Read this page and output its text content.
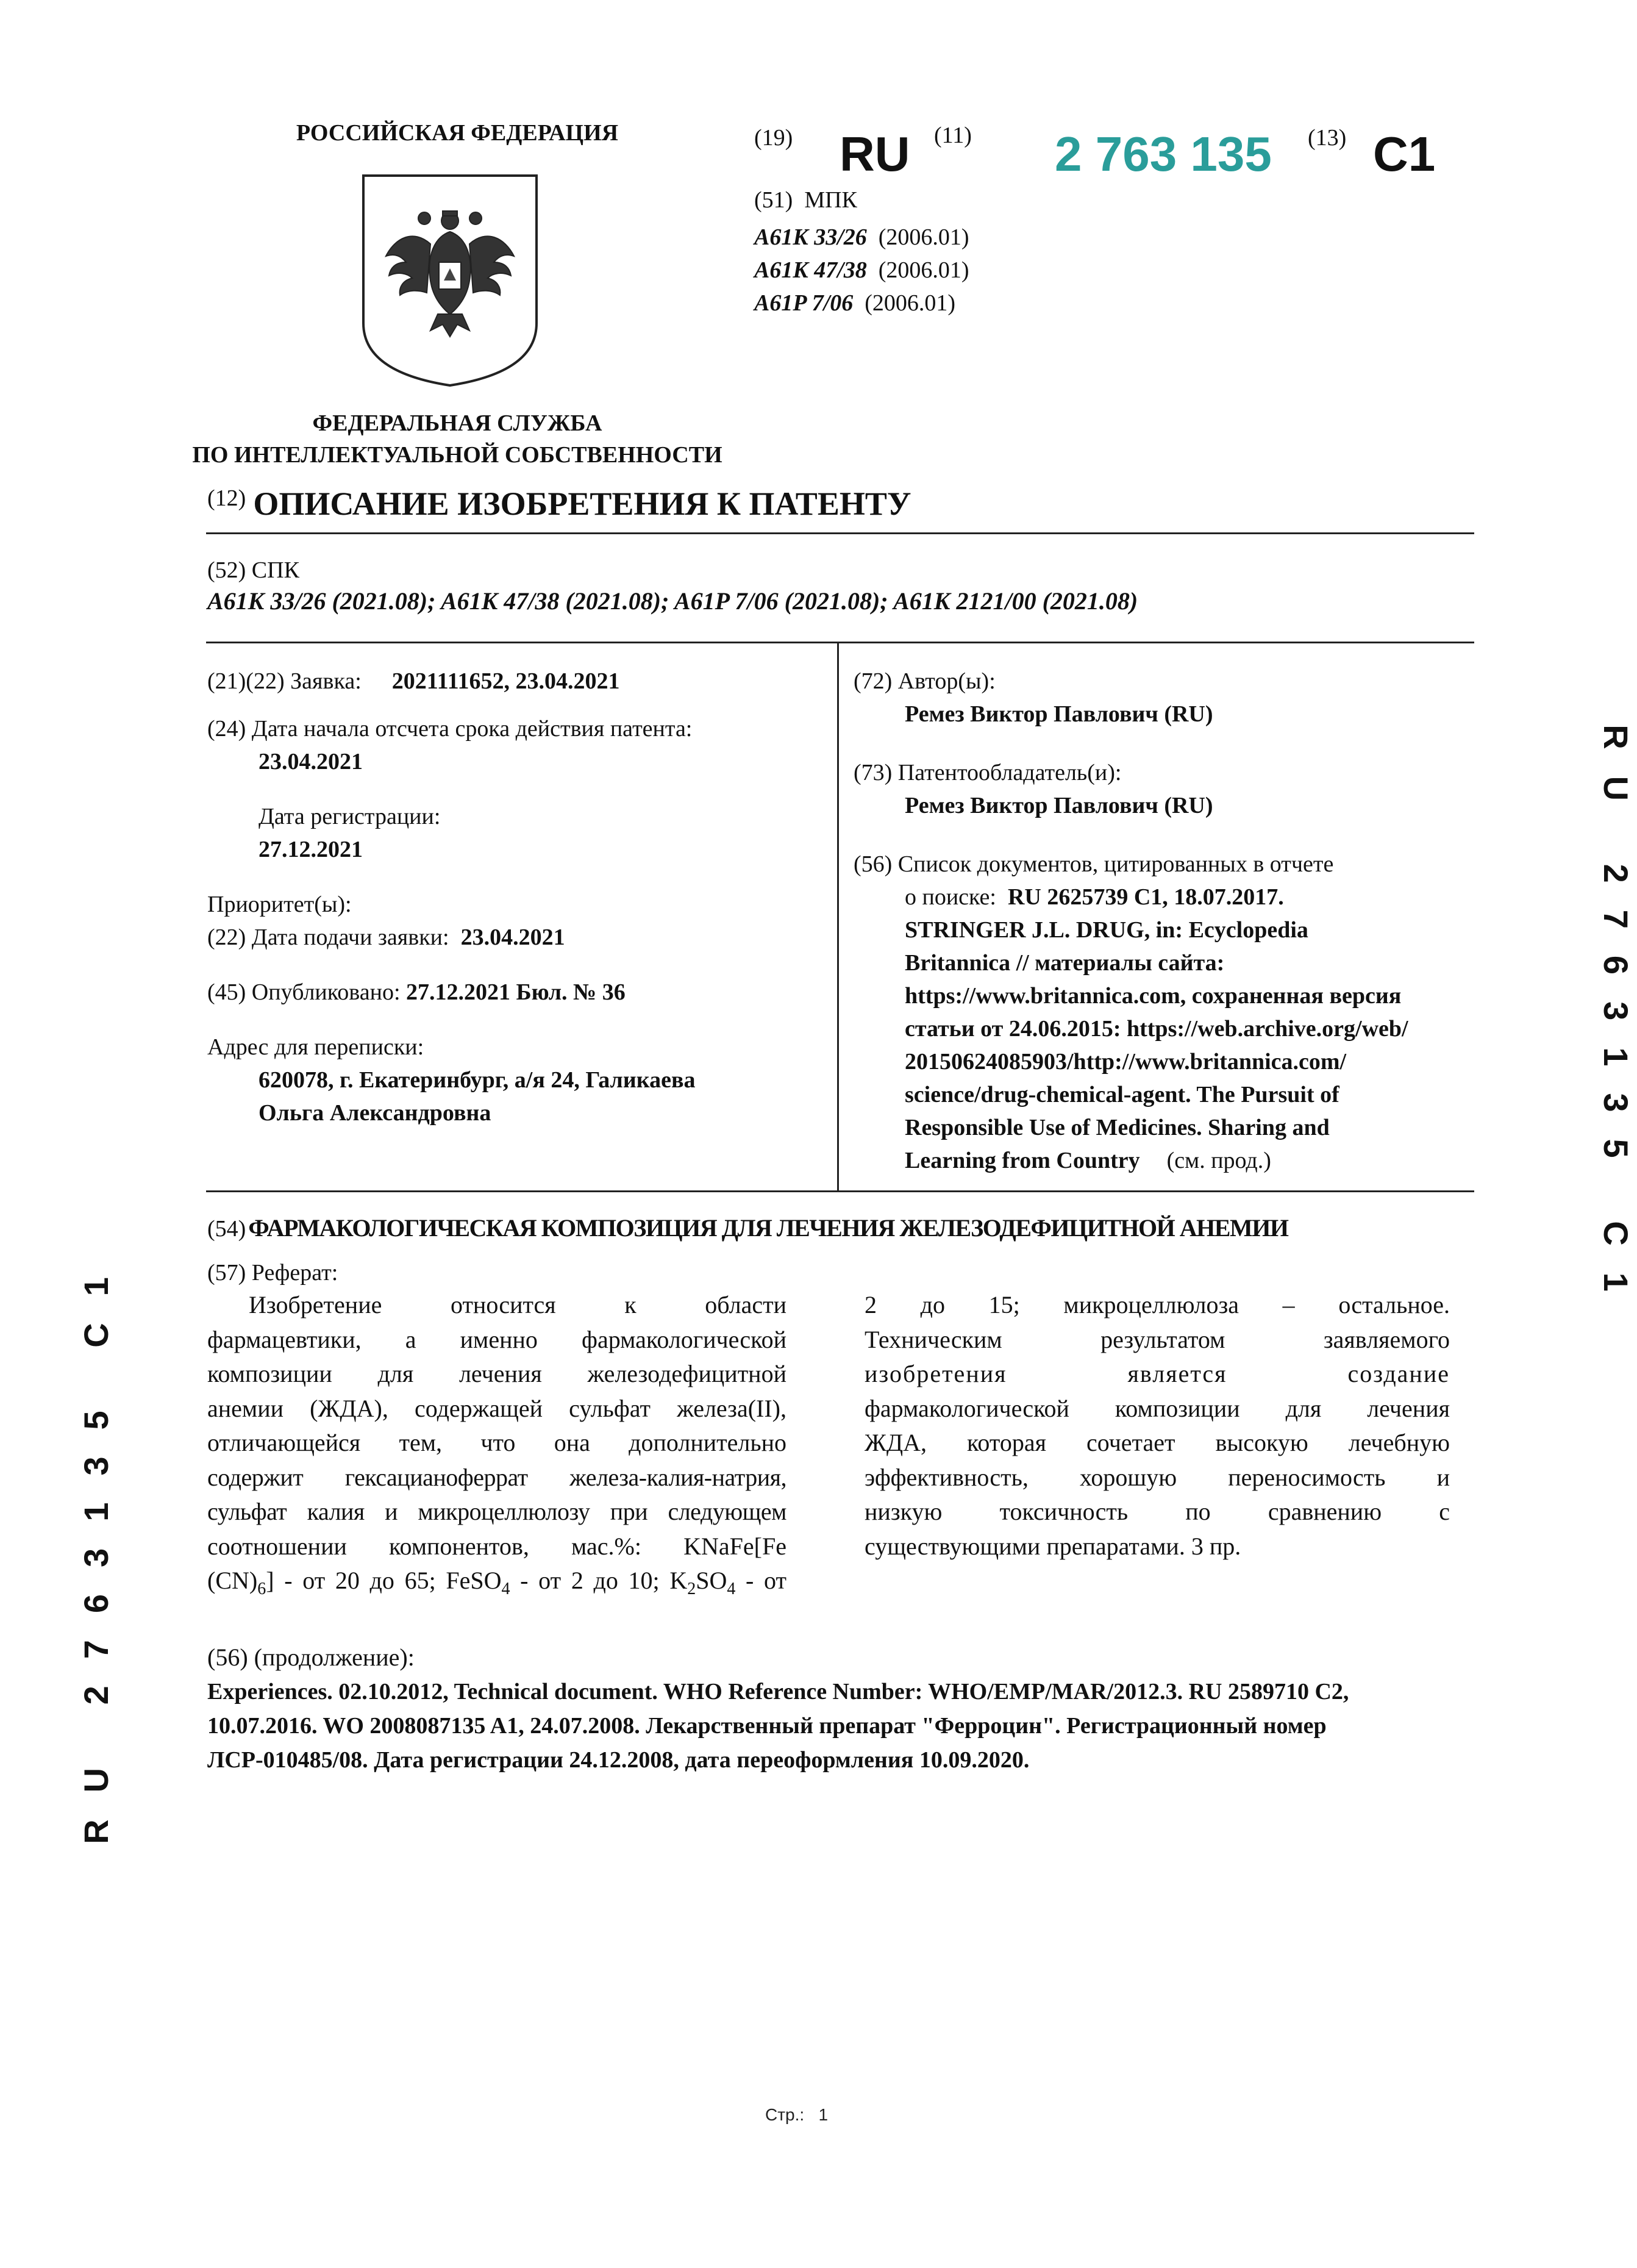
РОССИЙСКАЯ ФЕДЕРАЦИЯ
ФЕДЕРАЛЬНАЯ СЛУЖБА
ПО ИНТЕЛЛЕКТУАЛЬНОЙ СОБСТВЕННОСТИ
(19) RU (11) 2 763 135 (13) C1
(51) МПК
A61K 33/26 (2006.01)
A61K 47/38 (2006.01)
A61P 7/06 (2006.01)
(12) ОПИСАНИЕ ИЗОБРЕТЕНИЯ К ПАТЕНТУ
(52) СПК
A61K 33/26 (2021.08); A61K 47/38 (2021.08); A61P 7/06 (2021.08); A61K 2121/00 (2021.08)
(21)(22) Заявка: 2021111652, 23.04.2021
(24) Дата начала отсчета срока действия патента:
23.04.2021
Дата регистрации:
27.12.2021
Приоритет(ы):
(22) Дата подачи заявки: 23.04.2021
(45) Опубликовано: 27.12.2021 Бюл. № 36
Адрес для переписки:
620078, г. Екатеринбург, а/я 24, Галикаева
Ольга Александровна
(72) Автор(ы):
Ремез Виктор Павлович (RU)
(73) Патентообладатель(и):
Ремез Виктор Павлович (RU)
(56) Список документов, цитированных в отчете
о поиске: RU 2625739 C1, 18.07.2017.
STRINGER J.L. DRUG, in: Ecyclopedia
Britannica // материалы сайта:
https://www.britannica.com, сохраненная версия
статьи от 24.06.2015: https://web.archive.org/web/
20150624085903/http://www.britannica.com/
science/drug-chemical-agent. The Pursuit of
Responsible Use of Medicines. Sharing and
Learning from Country (см. прод.)
(54) ФАРМАКОЛОГИЧЕСКАЯ КОМПОЗИЦИЯ ДЛЯ ЛЕЧЕНИЯ ЖЕЛЕЗОДЕФИЦИТНОЙ АНЕМИИ
(57) Реферат:
Изобретение относится к области
фармацевтики, а именно фармакологической
композиции для лечения железодефицитной
анемии (ЖДА), содержащей сульфат железа(II),
отличающейся тем, что она дополнительно
содержит гексацианоферрат железа-калия-натрия,
сульфат калия и микроцеллюлозу при следующем
соотношении компонентов, мас.%: KNaFe[Fe
$(CN)_6$] - от 20 до 65; FeSO$_4$ - от 2 до 10; $K_2SO_4$ - от
2 до 15; микроцеллюлоза – остальное.
Техническим результатом заявляемого
изобретения является создание
фармакологической композиции для лечения
ЖДА, которая сочетает высокую лечебную
эффективность, хорошую переносимость и
низкую токсичность по сравнению с
существующими препаратами. 3 пр.
(56) (продолжение):
Experiences. 02.10.2012, Technical document. WHO Reference Number: WHO/EMP/MAR/2012.3. RU 2589710 C2,
10.07.2016. WO 2008087135 A1, 24.07.2008. Лекарственный препарат "Ферроцин". Регистрационный номер
ЛСР-010485/08. Дата регистрации 24.12.2008, дата переоформления 10.09.2020.
RU 2763135 C1
RU 2763135 C1
Стр.: 1
